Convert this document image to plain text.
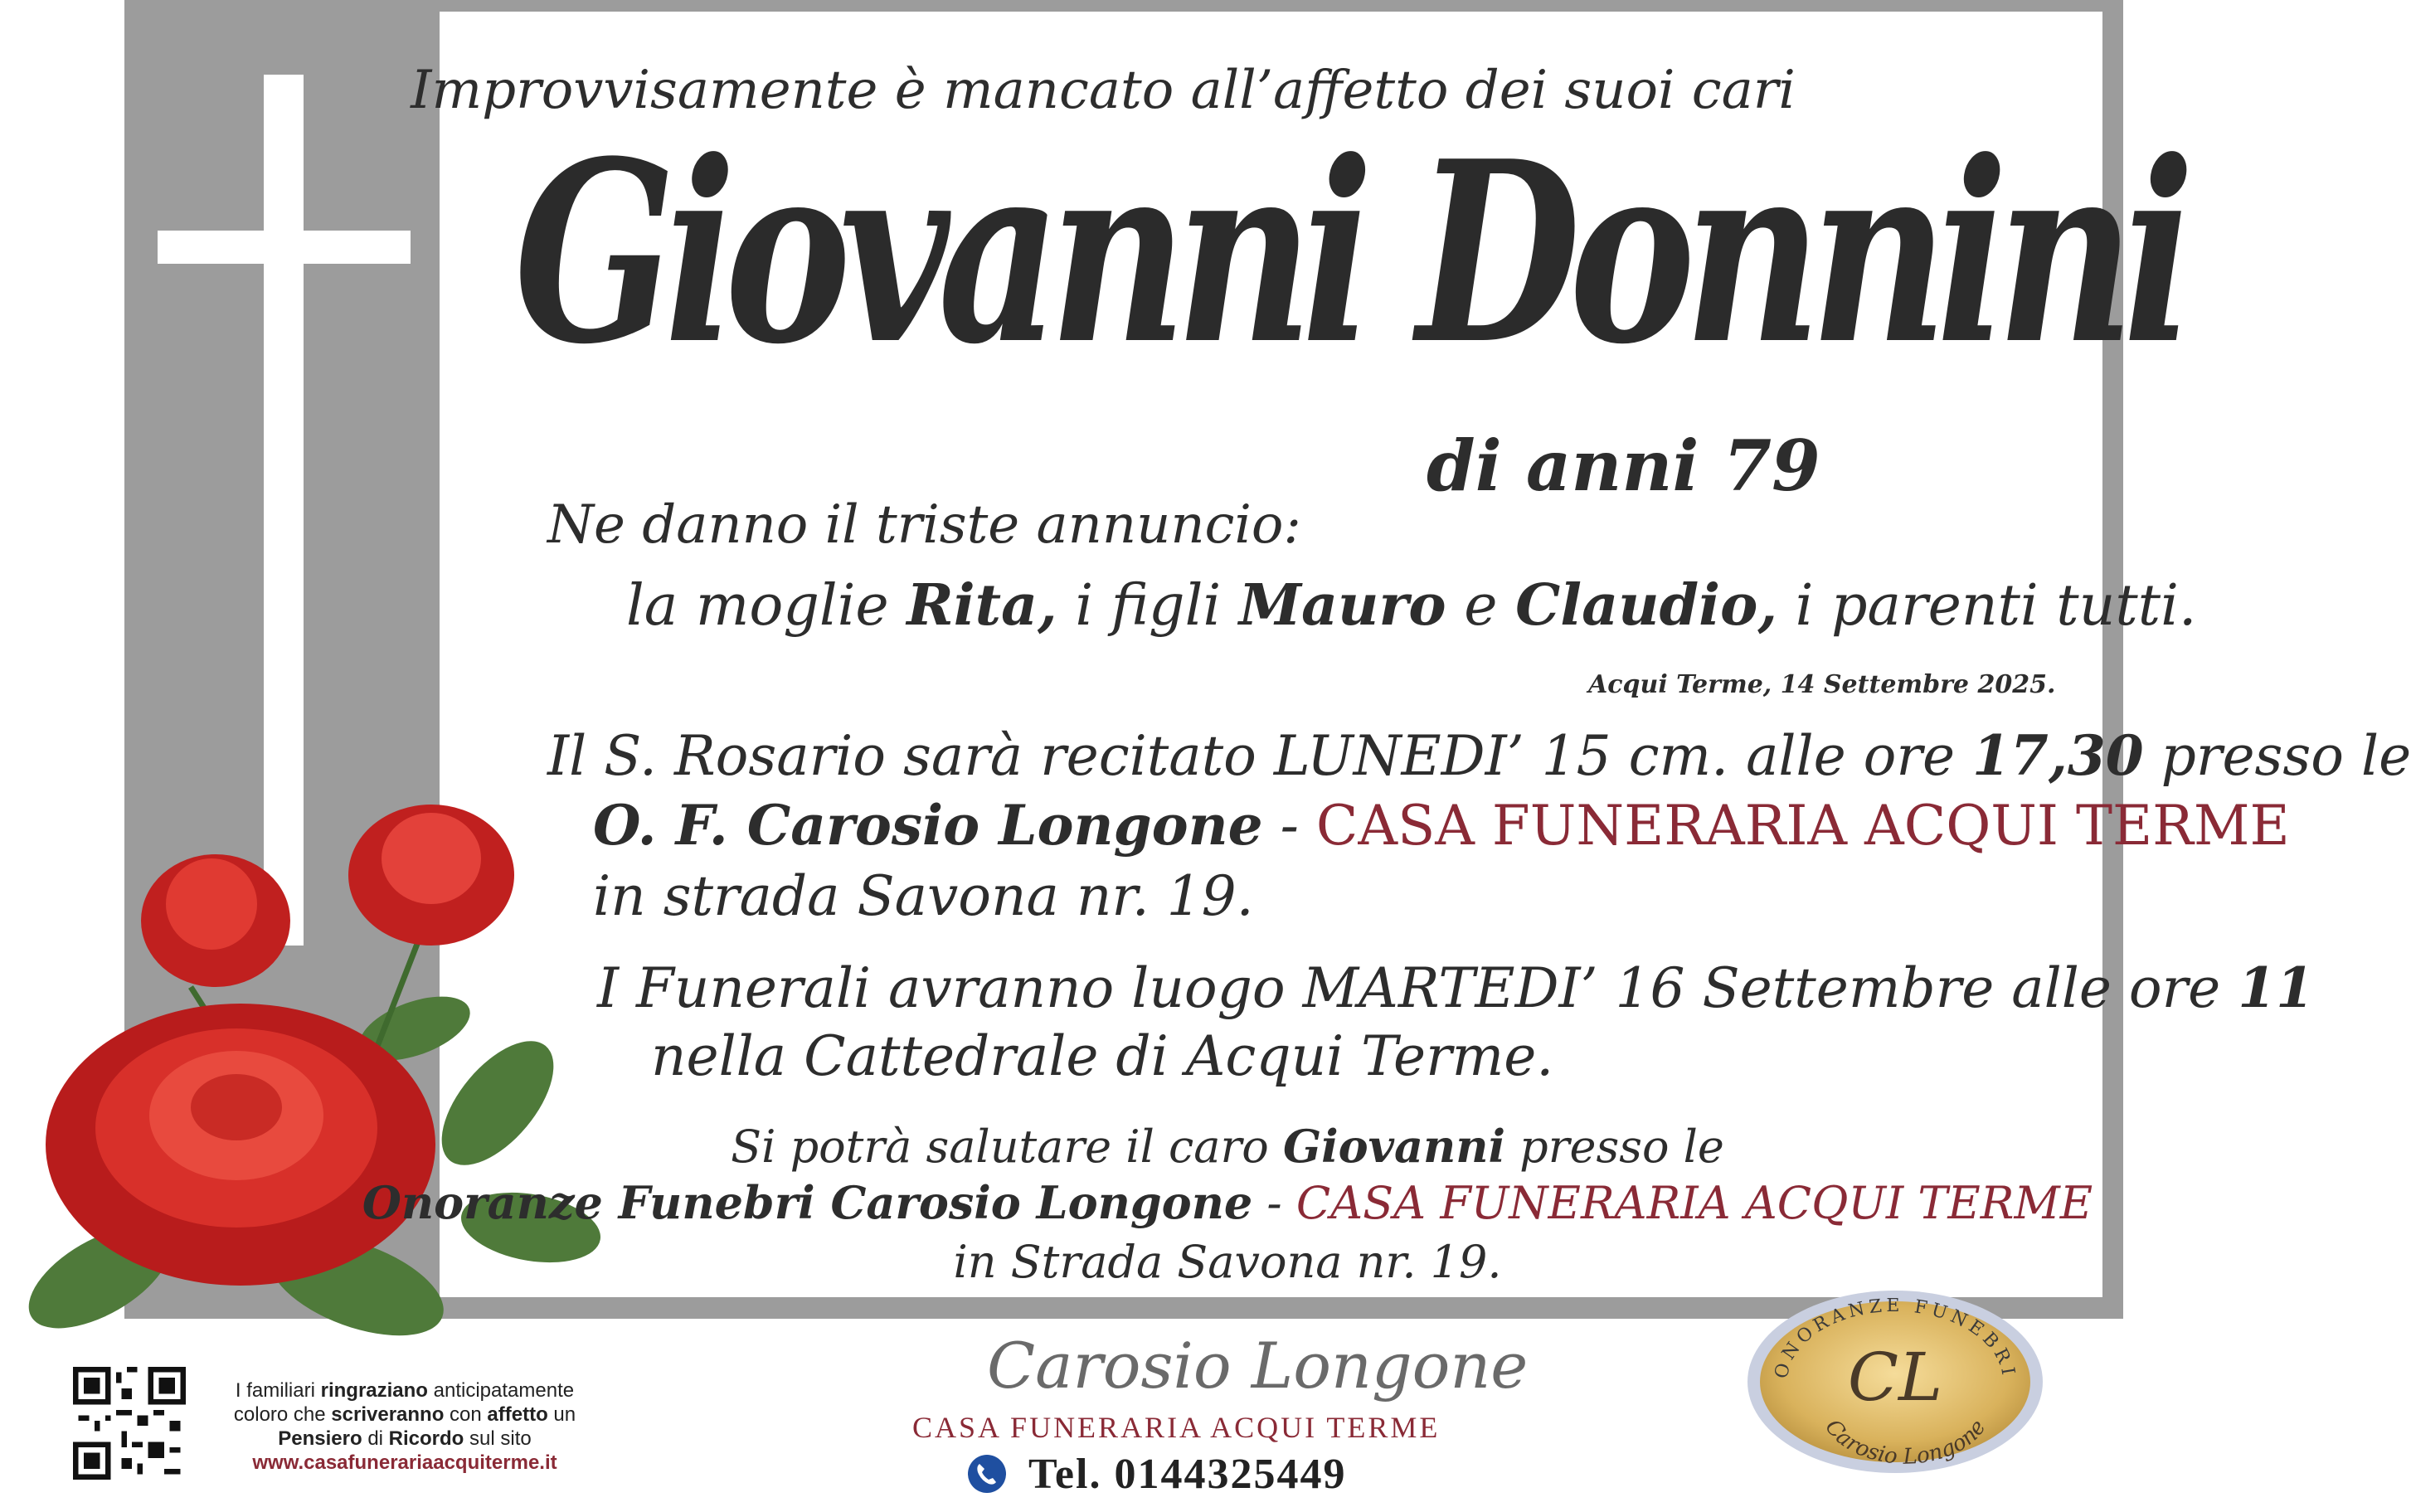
Improvvisamente è mancato all’affetto dei suoi cari
Giovanni Donnini
di anni 79
Ne danno il triste annuncio:
la moglie Rita, i figli Mauro e Claudio, i parenti tutti.
Acqui Terme, 14 Settembre 2025.
Il S. Rosario sarà recitato LUNEDI’ 15 cm. alle ore 17,30 presso le
O. F. Carosio Longone - CASA FUNERARIA ACQUI TERME
in strada Savona nr. 19.
I Funerali avranno luogo MARTEDI’ 16 Settembre alle ore 11
nella Cattedrale di Acqui Terme.
Si potrà salutare il caro Giovanni presso le
Onoranze Funebri Carosio Longone - CASA FUNERARIA ACQUI TERME
in Strada Savona nr. 19.
I familiari ringraziano anticipatamente
coloro che scriveranno con affetto un
Pensiero di Ricordo sul sito
www.casafunerariaacquiterme.it
Carosio Longone
CASA FUNERARIA ACQUI TERME
Tel. 0144325449
ONORANZE FUNEBRI
CL
Carosio Longone
